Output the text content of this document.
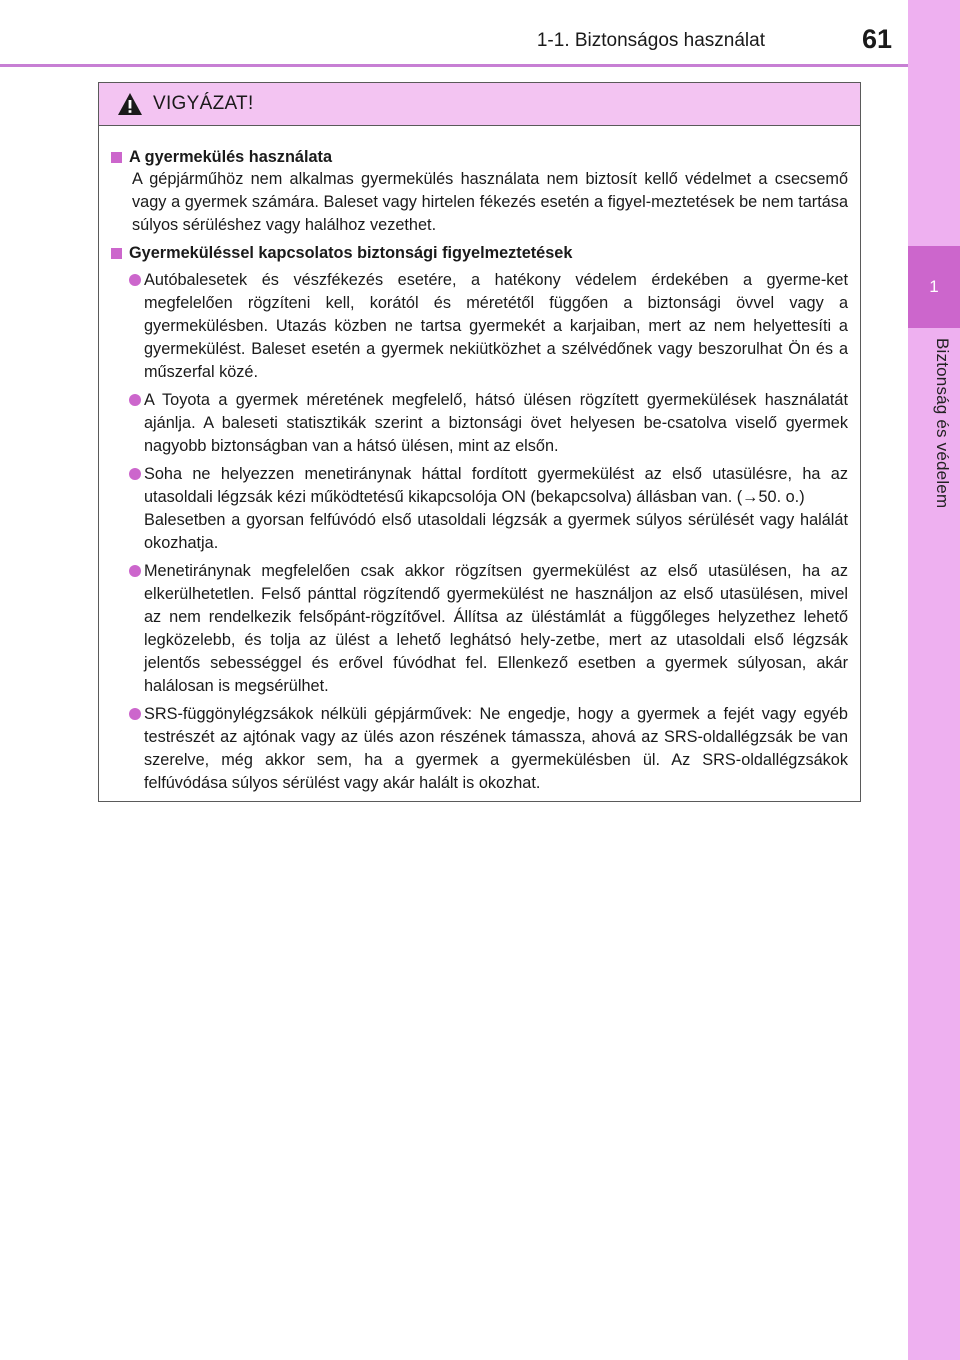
1
Biztonság és védelem
1-1. Biztonságos használat	61
VIGYÁZAT!
A gyermekülés használata
A gépjárműhöz nem alkalmas gyermekülés használata nem biztosít kellő védelmet a csecsemő vagy a gyermek számára. Baleset vagy hirtelen fékezés esetén a figyel-meztetések be nem tartása súlyos sérüléshez vagy halálhoz vezethet.
Gyermeküléssel kapcsolatos biztonsági figyelmeztetések
Autóbalesetek és vészfékezés esetére, a hatékony védelem érdekében a gyerme-ket megfelelően rögzíteni kell, korától és méretétől függően a biztonsági övvel vagy a gyermekülésben. Utazás közben ne tartsa gyermekét a karjaiban, mert az nem helyettesíti a gyermekülést. Baleset esetén a gyermek nekiütközhet a szélvédőnek vagy beszorulhat Ön és a műszerfal közé.
A Toyota a gyermek méretének megfelelő, hátsó ülésen rögzített gyermekülések használatát ajánlja. A baleseti statisztikák szerint a biztonsági övet helyesen be-csatolva viselő gyermek nagyobb biztonságban van a hátsó ülésen, mint az elsőn.
Soha ne helyezzen menetiránynak háttal fordított gyermekülést az első utasülésre, ha az utasoldali légzsák kézi működtetésű kikapcsolója ON (bekapcsolva) állásban van. (→50. o.)
Balesetben a gyorsan felfúvódó első utasoldali légzsák a gyermek súlyos sérülését vagy halálát okozhatja.
Menetiránynak megfelelően csak akkor rögzítsen gyermekülést az első utasülésen, ha az elkerülhetetlen. Felső pánttal rögzítendő gyermekülést ne használjon az első utasülésen, mivel az nem rendelkezik felsőpánt-rögzítővel. Állítsa az üléstámlát a függőleges helyzethez lehető legközelebb, és tolja az ülést a lehető leghátsó hely-zetbe, mert az utasoldali első légzsák jelentős sebességgel és erővel fúvódhat fel. Ellenkező esetben a gyermek súlyosan, akár halálosan is megsérülhet.
SRS-függönylégzsákok nélküli gépjárművek: Ne engedje, hogy a gyermek a fejét vagy egyéb testrészét az ajtónak vagy az ülés azon részének támassza, ahová az SRS-oldallégzsák be van szerelve, még akkor sem, ha a gyermek a gyermekülésben ül. Az SRS-oldallégzsákok felfúvódása súlyos sérülést vagy akár halált is okozhat.
